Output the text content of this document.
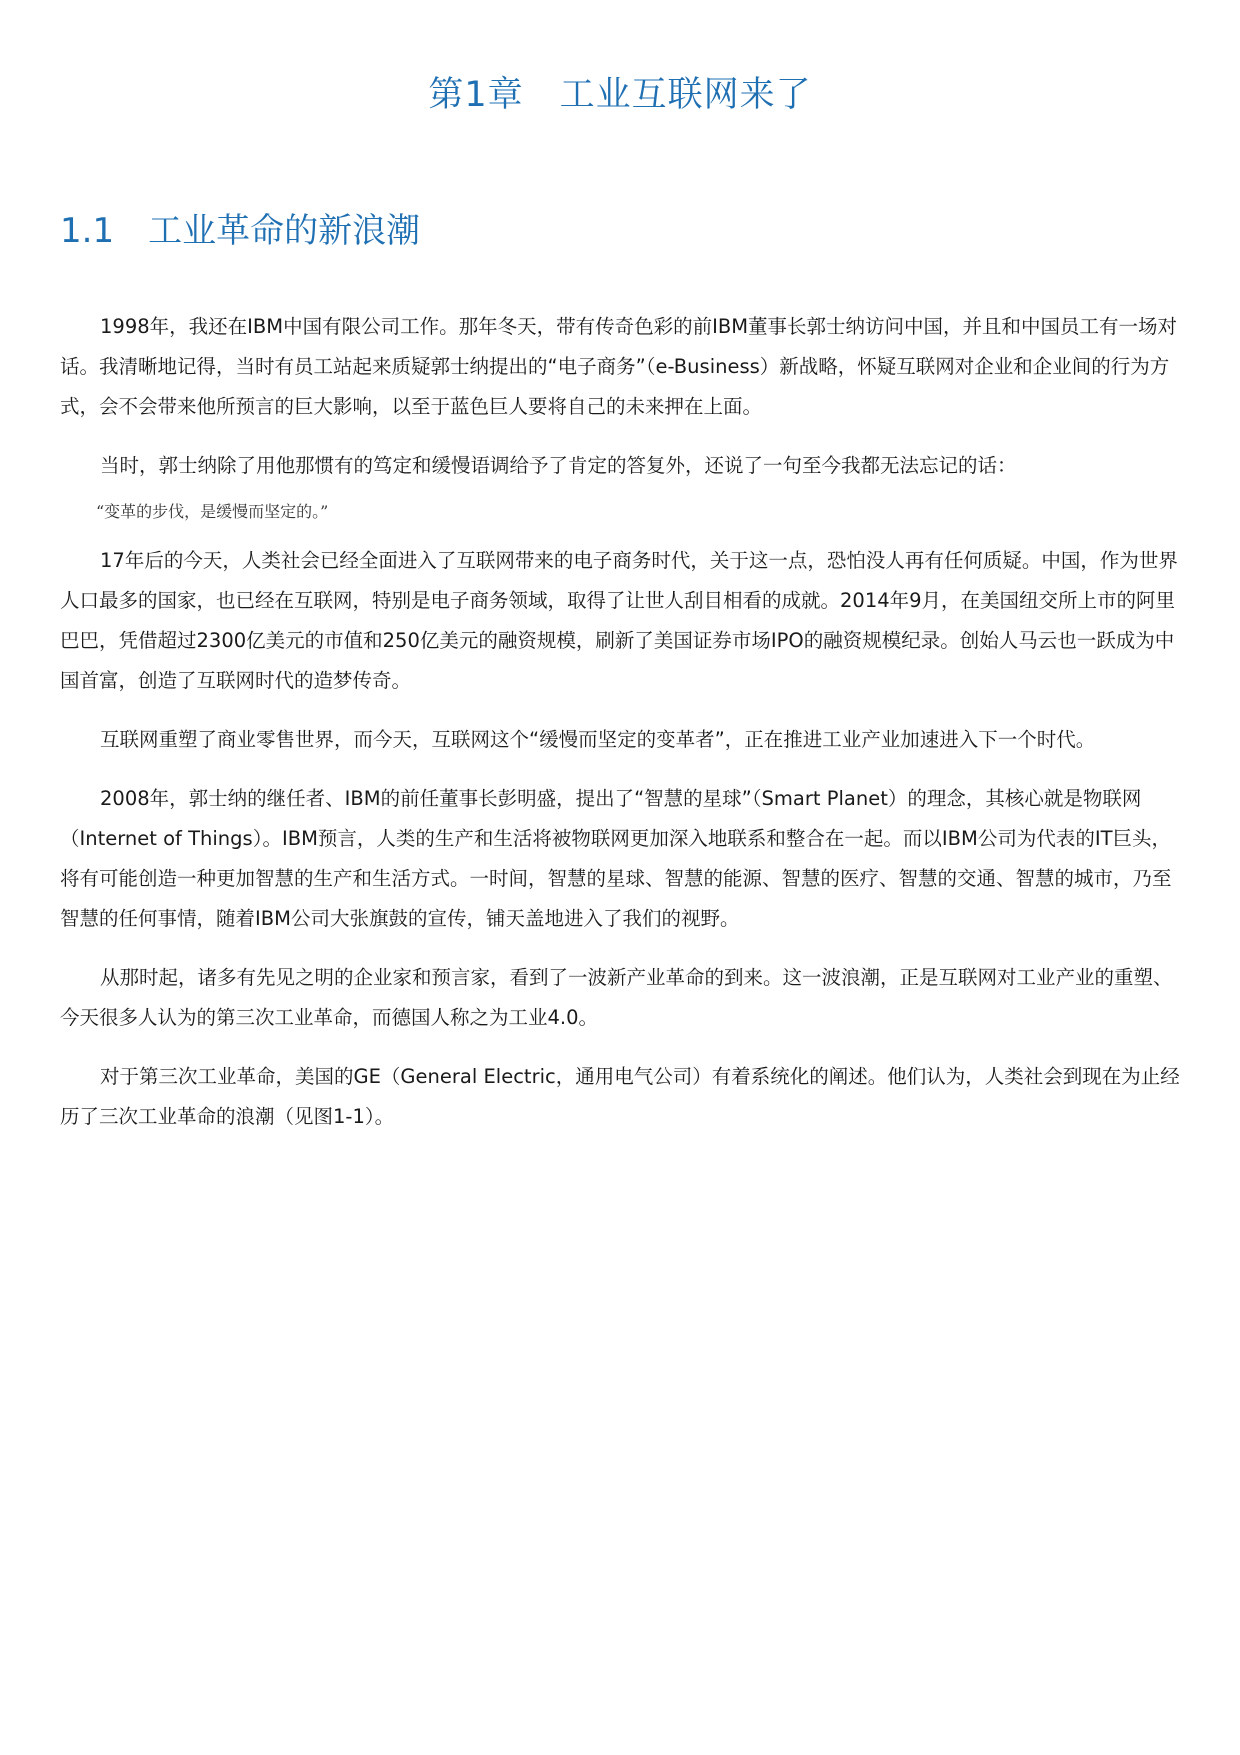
第1章 工业互联网来了
1.1 工业革命的新浪潮

1998年，我还在IBM中国有限公司工作。那年冬天，带有传奇色彩的前IBM董事长郭士纳访问中国，并且和中国员工有一场对话。我清晰地记得，当时有员工站起来质疑郭士纳提出的“电子商务”（e-Business）新战略，怀疑互联网对企业和企业间的行为方式，会不会带来他所预言的巨大影响，以至于蓝色巨人要将自己的未来押在上面。

当时，郭士纳除了用他那惯有的笃定和缓慢语调给予了肯定的答复外，还说了一句至今我都无法忘记的话：

“变革的步伐，是缓慢而坚定的。”

17年后的今天，人类社会已经全面进入了互联网带来的电子商务时代，关于这一点，恐怕没人再有任何质疑。中国，作为世界人口最多的国家，也已经在互联网，特别是电子商务领域，取得了让世人刮目相看的成就。2014年9月，在美国纽交所上市的阿里巴巴，凭借超过2300亿美元的市值和250亿美元的融资规模，刷新了美国证券市场IPO的融资规模纪录。创始人马云也一跃成为中国首富，创造了互联网时代的造梦传奇。

互联网重塑了商业零售世界，而今天，互联网这个“缓慢而坚定的变革者”，正在推进工业产业加速进入下一个时代。

2008年，郭士纳的继任者、IBM的前任董事长彭明盛，提出了“智慧的星球”（Smart Planet）的理念，其核心就是物联网（Internet of Things）。IBM预言，人类的生产和生活将被物联网更加深入地联系和整合在一起。而以IBM公司为代表的IT巨头，将有可能创造一种更加智慧的生产和生活方式。一时间，智慧的星球、智慧的能源、智慧的医疗、智慧的交通、智慧的城市，乃至智慧的任何事情，随着IBM公司大张旗鼓的宣传，铺天盖地进入了我们的视野。

从那时起，诸多有先见之明的企业家和预言家，看到了一波新产业革命的到来。这一波浪潮，正是互联网对工业产业的重塑、今天很多人认为的第三次工业革命，而德国人称之为工业4.0。

对于第三次工业革命，美国的GE（General Electric，通用电气公司）有着系统化的阐述。他们认为，人类社会到现在为止经历了三次工业革命的浪潮（见图1-1）。
